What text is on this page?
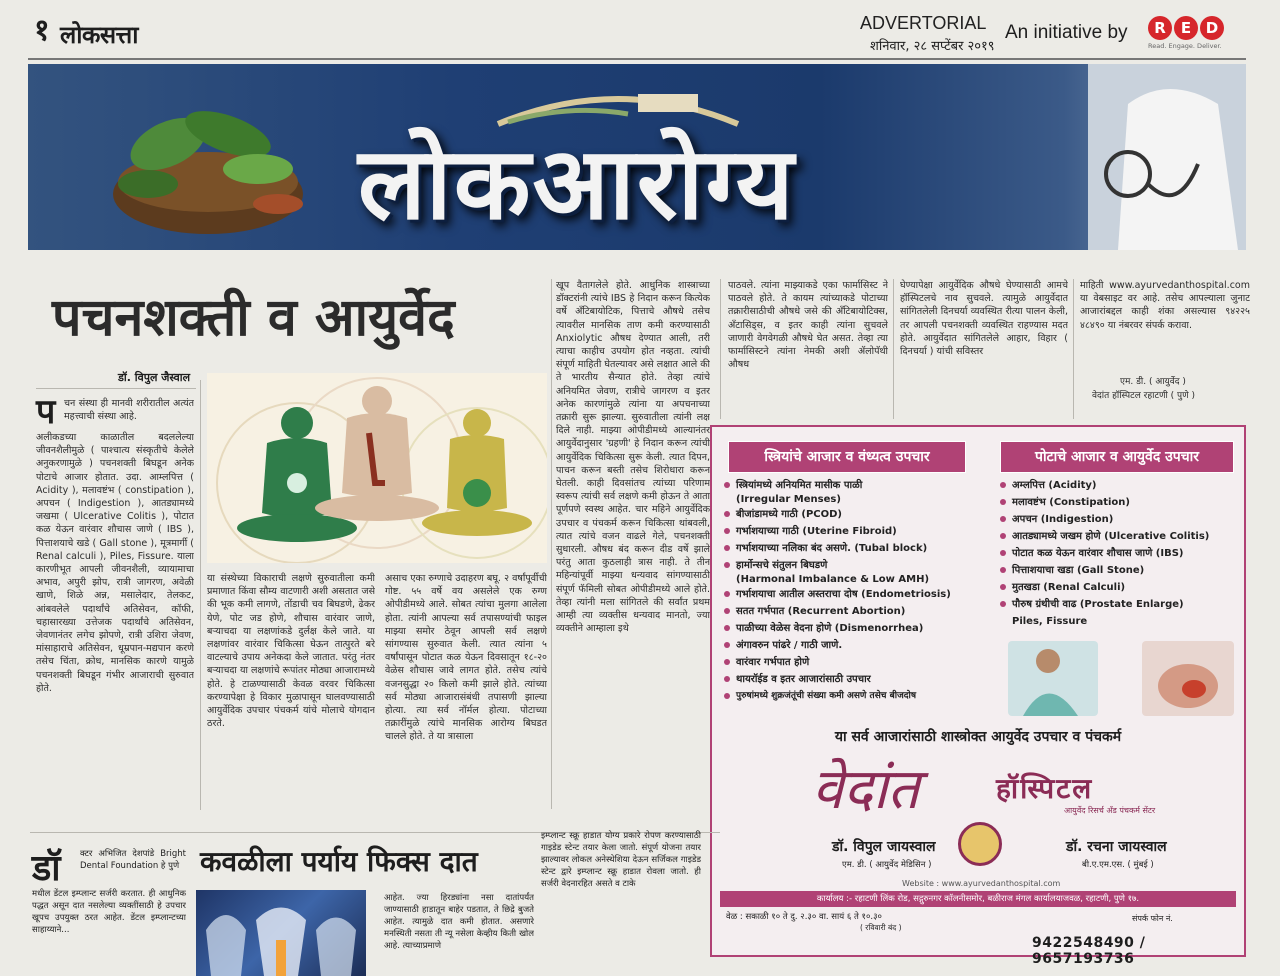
१ लोकसत्ता	ADVERTORIAL
शनिवार, २८ सप्टेंबर २०१९
An initiative by	R E D
Read. Engage. Deliver.
लोकआरोग्य
पचनशक्ती व आयुर्वेद
डॉ. विपुल जैस्वाल
प चन संस्था ही मानवी शरीरातील अत्यंत महत्त्वाची संस्था आहे.
अलीकडच्या काळातील बदललेल्या जीवनशैलीमुळे ( पाश्चात्य संस्कृतीचे केलेले अनुकरणामुळे ) पचनशक्ती बिघडून अनेक पोटाचे आजार होतात. उदा. आम्लपित्त ( Acidity ), मलावष्टंभ ( constipation ), अपचन ( Indigestion ), आतड्यामध्ये जखमा ( Ulcerative Colitis ), पोटात कळ येऊन वारंवार शौचास जाणे ( IBS ), पित्ताशयाचे खडे ( Gall stone ), मूत्रमार्गी ( Renal calculi ), Piles, Fissure. याला कारणीभूत आपली जीवनशैली, व्यायामाचा अभाव, अपुरी झोप, रात्री जागरण, अवेळी खाणे, शिळे अन्न, मसालेदार, तेलकट, आंबवलेले पदार्थांचे अतिसेवन, कॉफी, चहासारख्या उत्तेजक पदार्थांचे अतिसेवन, जेवणानंतर लगेच झोपणे, रात्री उशिरा जेवण, मांसाहाराचे अतिसेवन, धूम्रपान-मद्यपान करणे तसेच चिंता, क्रोध, मानसिक कारणे यामुळे पचनशक्ती बिघडून गंभीर आजाराची सुरुवात होते.
या संस्थेच्या विकाराची लक्षणे सुरुवातीला कमी प्रमाणात किंवा सौम्य वाटणारी अशी असतात जसे की भूक कमी लागणे, तोंडाची चव बिघडणे, ढेकर येणे, पोट जड होणे, शौचास वारंवार जाणे, बऱ्याचदा या लक्षणांकडे दुर्लक्ष केले जाते. या लक्षणांवर वारंवार चिकित्सा घेऊन तात्पुरते बरे वाटल्याचे उपाय अनेकदा केले जातात. परंतु नंतर बऱ्याचदा या लक्षणांचे रूपांतर मोठ्या आजारामध्ये होते. हे टाळण्यासाठी केवळ वरवर चिकित्सा करण्यापेक्षा हे विकार मुळापासून घालवण्यासाठी आयुर्वेदिक उपचार पंचकर्म यांचे मोलाचे योगदान ठरते.
असाच एका रुग्णाचे उदाहरण बघू. २ वर्षांपूर्वीची गोष्ट. ५५ वर्षे वय असलेले एक रुग्ण ओपीडीमध्ये आले. सोबत त्यांचा मुलगा आलेला होता. त्यांनी आपल्या सर्व तपासण्यांची फाइल माझ्या समोर ठेवून आपली सर्व लक्षणे सांगण्यास सुरुवात केली. त्यात त्यांना ५ वर्षांपासून पोटात कळ येऊन दिवसातून १८-२० वेळेस शौचास जावे लागत होते. तसेच त्यांचे वजनसुद्धा २० किलो कमी झाले होते. त्यांच्या सर्व मोठ्या आजारासंबंधी तपासणी झाल्या होत्या. त्या सर्व नॉर्मल होत्या. पोटाच्या तक्रारींमुळे त्यांचे मानसिक आरोग्य बिघडत चालले होते. ते या त्रासाला
खूप वैतागलेले होते. आधुनिक शास्त्राच्या डॉक्टरांनी त्यांचे IBS हे निदान करून कित्येक वर्षे अँटिबायोटिक, पित्ताचे औषधे तसेच त्यावरील मानसिक ताण कमी करण्यासाठी Anxiolytic औषध देण्यात आली, तरी त्याचा काहीच उपयोग होत नव्हता. त्यांची संपूर्ण माहिती घेतल्यावर असे लक्षात आले की ते भारतीय सैन्यात होते. तेव्हा त्यांचे अनियमित जेवण, रात्रीचे जागरण व इतर अनेक कारणांमुळे त्यांना या अपचनाच्या तक्रारी सुरू झाल्या. सुरुवातीला त्यांनी लक्ष दिले नाही. माझ्या ओपीडीमध्ये आल्यानंतर आयुर्वेदानुसार 'ग्रहणी' हे निदान करून त्यांची आयुर्वेदिक चिकित्सा सुरू केली. त्यात दिपन, पाचन करून बस्ती तसेच शिरोधारा करून घेतली. काही दिवसांतच त्यांच्या परिणाम स्वरूप त्यांची सर्व लक्षणे कमी होऊन ते आता पूर्णपणे स्वस्थ आहेत. चार महिने आयुर्वेदिक उपचार व पंचकर्म करून चिकित्सा थांबवली, त्यात त्यांचे वजन वाढले गेले, पचनशक्ती सुधारली. औषध बंद करून दीड वर्षे झाले परंतु आता कुठलाही त्रास नाही. ते तीन महिन्यांपूर्वी माझ्या धन्यवाद सांगण्यासाठी संपूर्ण फॅमिली सोबत ओपीडीमध्ये आले होते. तेव्हा त्यांनी मला सांगितले की सर्वांत प्रथम आम्ही त्या व्यक्तीस धन्यवाद मानतो, ज्या व्यक्तीने आम्हाला इथे
पाठवले. त्यांना माझ्याकडे एका फार्मासिस्ट ने पाठवले होते. ते कायम त्यांच्याकडे पोटाच्या तक्रारीसाठीची औषधे जसे की अँटिबायोटिक्स, अँटासिड्स, व इतर काही त्यांना सुचवले जाणारी वेगवेगळी औषधे घेत असत. तेव्हा त्या फार्मासिस्टने त्यांना नेमकी अशी ॲलोपॅथी औषध
घेण्यापेक्षा आयुर्वेदिक औषधे घेण्यासाठी आमचे हॉस्पिटलचे नाव सुचवले. त्यामुळे आयुर्वेदात सांगितलेली दिनचर्या व्यवस्थित रीत्या पालन केली, तर आपली पचनशक्ती व्यवस्थित राहण्यास मदत होते. आयुर्वेदात सांगितलेले आहार, विहार ( दिनचर्या ) यांची सविस्तर
माहिती www.ayurvedanthospital.com या वेबसाइट वर आहे. तसेच आपल्याला जुनाट आजारांबद्दल काही शंका असल्यास ९४२२५ ४८४९० या नंबरवर संपर्क करावा.
एम. डी. ( आयुर्वेद )
वेदांत हॉस्पिटल रहाटणी ( पुणे )
स्त्रियांचे आजार व वंध्यत्व उपचार	पोटाचे आजार व आयुर्वेद उपचार
स्त्रियांमध्ये अनियमित मासीक पाळी
(Irregular Menses)
बीजांडामध्ये गाठी (PCOD)
गर्भाशयाच्या गाठी (Uterine Fibroid)
गर्भाशयाच्या नलिका बंद असणे. (Tubal block)
हार्मोन्सचे संतुलन बिघडणे
(Harmonal Imbalance & Low AMH)
गर्भाशयाचा आतील अस्तराचा दोष (Endometriosis)
सतत गर्भपात (Recurrent Abortion)
पाळीच्या वेळेस वेदना होणे (Dismenorrhea)
अंगावरुन पांढरे / गाठी जाणे.
वारंवार गर्भपात होणे
थायरॉईड व इतर आजारांसाठी उपचार
पुरुषांमध्ये शुक्रजंतूंची संख्या कमी असणे तसेच बीजदोष
अम्लपित्त (Acidity)
मलावष्टंभ (Constipation)
अपचन (Indigestion)
आतड्यामध्ये जखम होणे (Ulcerative Colitis)
पोटात कळ येऊन वारंवार शौचास जाणे (IBS)
पित्ताशयाचा खडा (Gall Stone)
मुतखडा (Renal Calculi)
पौरुष ग्रंथीची वाढ (Prostate Enlarge)
Piles, Fissure
या सर्व आजारांसाठी शास्त्रोक्त आयुर्वेद उपचार व पंचकर्म
वेदांत	हॉस्पिटल
आयुर्वेद रिसर्च अँड पंचकर्म सेंटर
डॉ. विपुल जायस्वाल
एम. डी. ( आयुर्वेद मेडिसिन )
डॉ. रचना जायस्वाल
बी.ए.एम.एस. ( मुंबई )
Website : www.ayurvedanthospital.com
कार्यालय :- रहाटणी लिंक रोड, सद्गुरुनगर कॉलनीसमोर, बळीराज मंगल कार्यालयाजवळ, रहाटणी, पुणे १७.
वेळ : सकाळी १० ते दु. २.३० वा. सायं ६ ते १०.३०
( रविवारी बंद )
संपर्क फोन नं.
9422548490 / 9657193736
डॉ क्टर अभिजित देशपांडे Bright Dental Foundation हे पुणे
मधील डेंटल इम्प्लान्ट सर्जरी करतात. ही आधुनिक पद्धत असून दात नसलेल्या व्यक्तींसाठी हे उपचार खूपच उपयुक्त ठरत आहेत. डेंटल इम्प्लान्टच्या साहाय्याने...
कवळीला पर्याय फिक्स दात
आहेत. ज्या हिरड्यांना नसा दातांपर्यंत जाण्यासाठी हाडातून बाहेर पडतात, ते छिद्रे बुजते आहेत. त्यामुळे दात कमी होतात. असणारे मनस्थिती नसता ती न्यू नसेला केव्हीय किती खोल आहे. त्याच्याप्रमाणे
इम्प्लान्ट स्क्रू हाडात योग्य प्रकारे रोपण करण्यासाठी गाइडेड स्टेन्ट तयार केला जातो. संपूर्ण योजना तयार झाल्यावर लोकल अनेस्थेशिया देऊन सर्जिकल गाइडेड स्टेन्ट द्वारे इम्प्लान्ट स्क्रू हाडात रोवला जातो. ही सर्जरी वेदनारहित असते व टाके
